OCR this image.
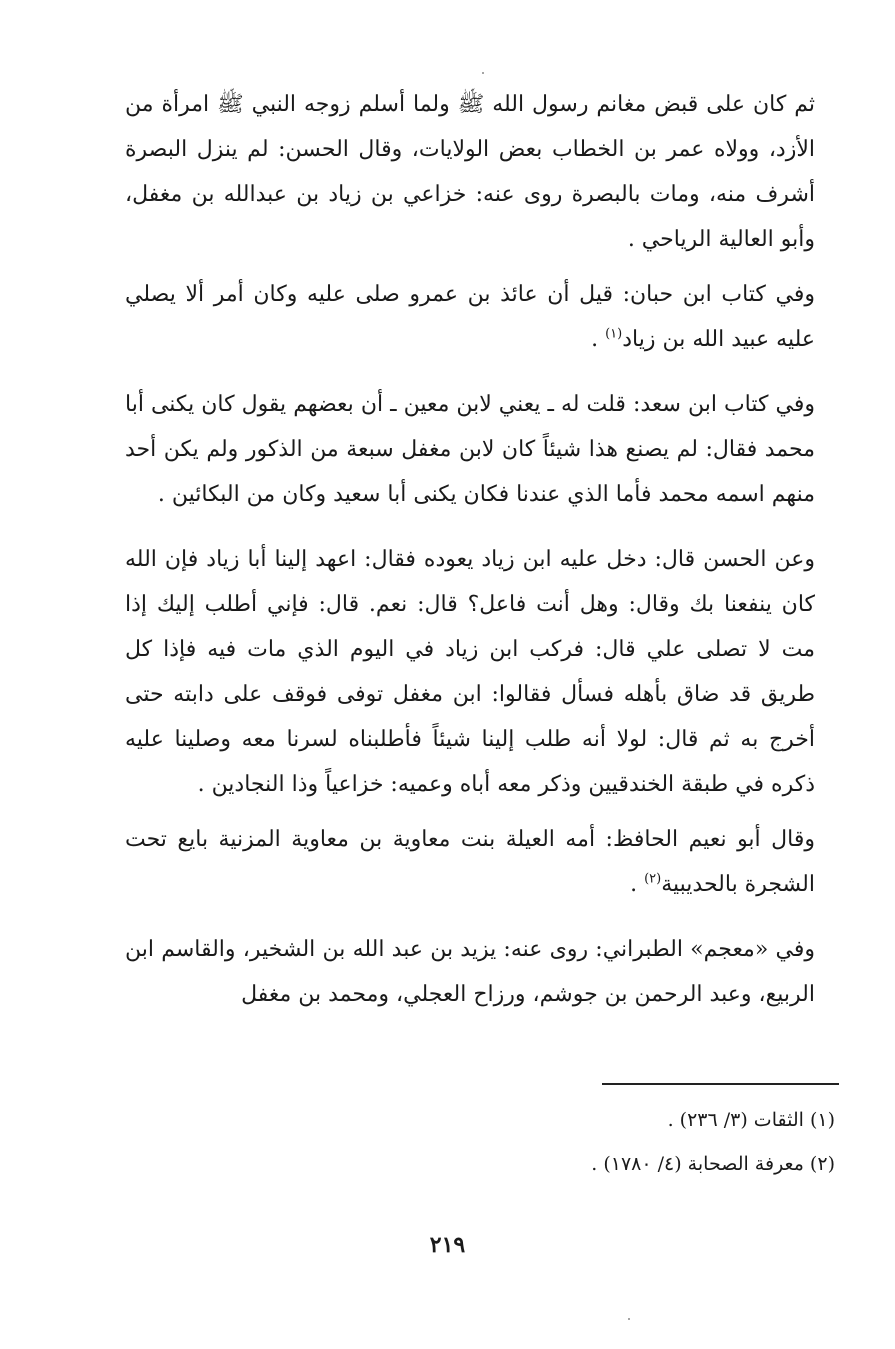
ثم كان على قبض مغانم رسول الله ﷺ ولما أسلم زوجه النبي ﷺ امرأة من الأزد، وولاه عمر بن الخطاب بعض الولايات، وقال الحسن: لم ينزل البصرة أشرف منه، ومات بالبصرة روى عنه: خزاعي بن زياد بن عبدالله بن مغفل، وأبو العالية الرياحي .

وفي كتاب ابن حبان: قيل أن عائذ بن عمرو صلى عليه وكان أمر ألا يصلي عليه عبيد الله بن زياد$^{(١)}$ .

وفي كتاب ابن سعد: قلت له ـ يعني لابن معين ـ أن بعضهم يقول كان يكنى أبا محمد فقال: لم يصنع هذا شيئاً كان لابن مغفل سبعة من الذكور ولم يكن أحد منهم اسمه محمد فأما الذي عندنا فكان يكنى أبا سعيد وكان من البكائين .

وعن الحسن قال: دخل عليه ابن زياد يعوده فقال: اعهد إلينا أبا زياد فإن الله كان ينفعنا بك وقال: وهل أنت فاعل؟ قال: نعم. قال: فإني أطلب إليك إذا مت لا تصلى علي قال: فركب ابن زياد في اليوم الذي مات فيه فإذا كل طريق قد ضاق بأهله فسأل فقالوا: ابن مغفل توفى فوقف على دابته حتى أخرج به ثم قال: لولا أنه طلب إلينا شيئاً فأطلبناه لسرنا معه وصلينا عليه ذكره في طبقة الخندقيين وذكر معه أباه وعميه: خزاعياً وذا النجادين .

وقال أبو نعيم الحافظ: أمه العيلة بنت معاوية بن معاوية المزنية بايع تحت الشجرة بالحديبية$^{(٢)}$ .

وفي «معجم» الطبراني: روى عنه: يزيد بن عبد الله بن الشخير، والقاسم ابن الربيع، وعبد الرحمن بن جوشم، ورزاح العجلي، ومحمد بن مغفل

(١) الثقات (٣/ ٢٣٦) .

(٢) معرفة الصحابة (٤/ ١٧٨٠) .

٢١٩
